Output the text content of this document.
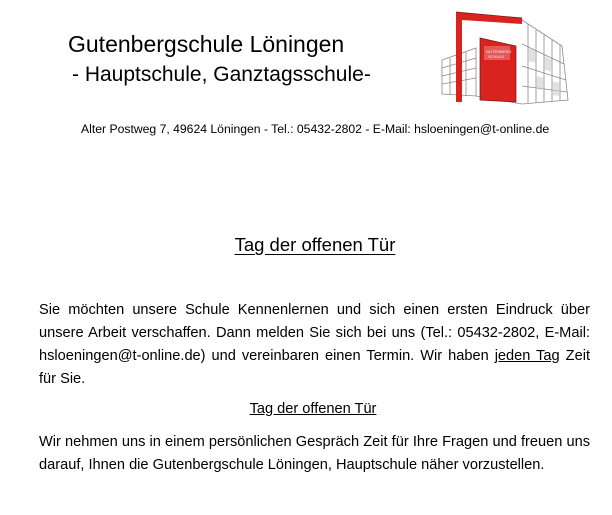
Gutenbergschule Löningen
- Hauptschule, Ganztagsschule-
GUTENBERG
SCHULE
Alter Postweg 7, 49624 Löningen - Tel.: 05432-2802 - E-Mail: hsloeningen@t-online.de
Tag der offenen Tür

Sie möchten unsere Schule Kennenlernen und sich einen ersten Eindruck über unsere Arbeit verschaffen. Dann melden Sie sich bei uns (Tel.: 05432-2802, E-Mail: hsloeningen@t-online.de) und vereinbaren einen Termin. Wir haben jeden Tag Zeit für Sie.

Tag der offenen Tür

Wir nehmen uns in einem persönlichen Gespräch Zeit für Ihre Fragen und freuen uns darauf, Ihnen die Gutenbergschule Löningen, Hauptschule näher vorzustellen.
